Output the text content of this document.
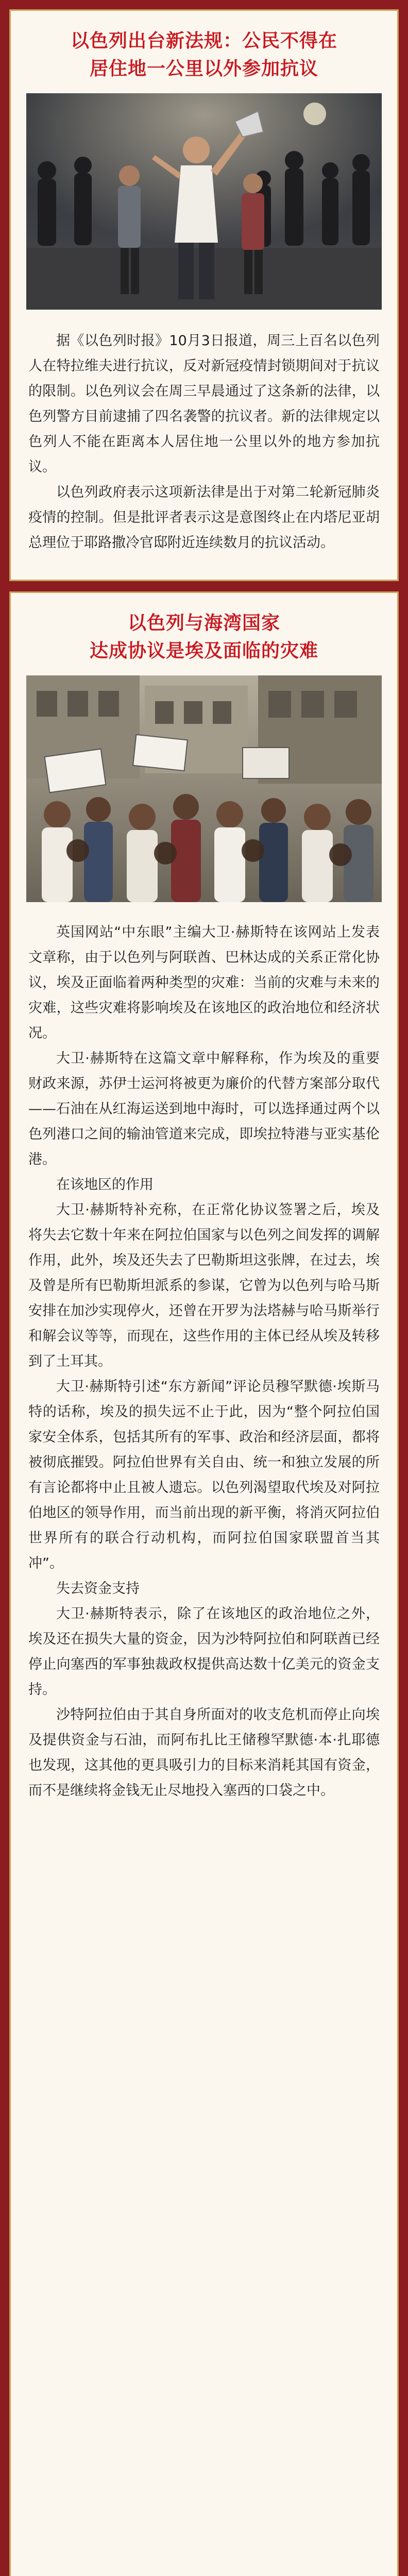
以色列出台新法规：公民不得在
居住地一公里以外参加抗议

据《以色列时报》10月3日报道，周三上百名以色列人在特拉维夫进行抗议，反对新冠疫情封锁期间对于抗议的限制。以色列议会在周三早晨通过了这条新的法律，以色列警方目前逮捕了四名袭警的抗议者。新的法律规定以色列人不能在距离本人居住地一公里以外的地方参加抗议。

以色列政府表示这项新法律是出于对第二轮新冠肺炎疫情的控制。但是批评者表示这是意图终止在内塔尼亚胡总理位于耶路撒冷官邸附近连续数月的抗议活动。

以色列与海湾国家
达成协议是埃及面临的灾难

英国网站“中东眼”主编大卫·赫斯特在该网站上发表文章称，由于以色列与阿联酋、巴林达成的关系正常化协议，埃及正面临着两种类型的灾难：当前的灾难与未来的灾难，这些灾难将影响埃及在该地区的政治地位和经济状况。

大卫·赫斯特在这篇文章中解释称，作为埃及的重要财政来源，苏伊士运河将被更为廉价的代替方案部分取代——石油在从红海运送到地中海时，可以选择通过两个以色列港口之间的输油管道来完成，即埃拉特港与亚实基伦港。

在该地区的作用

大卫·赫斯特补充称，在正常化协议签署之后，埃及将失去它数十年来在阿拉伯国家与以色列之间发挥的调解作用，此外，埃及还失去了巴勒斯坦这张牌，在过去，埃及曾是所有巴勒斯坦派系的参谋，它曾为以色列与哈马斯安排在加沙实现停火，还曾在开罗为法塔赫与哈马斯举行和解会议等等，而现在，这些作用的主体已经从埃及转移到了土耳其。

大卫·赫斯特引述“东方新闻”评论员穆罕默德·埃斯马特的话称，埃及的损失远不止于此，因为“整个阿拉伯国家安全体系，包括其所有的军事、政治和经济层面，都将被彻底摧毁。阿拉伯世界有关自由、统一和独立发展的所有言论都将中止且被人遗忘。以色列渴望取代埃及对阿拉伯地区的领导作用，而当前出现的新平衡，将消灭阿拉伯世界所有的联合行动机构，而阿拉伯国家联盟首当其冲”。

失去资金支持

大卫·赫斯特表示，除了在该地区的政治地位之外，埃及还在损失大量的资金，因为沙特阿拉伯和阿联酋已经停止向塞西的军事独裁政权提供高达数十亿美元的资金支持。

沙特阿拉伯由于其自身所面对的收支危机而停止向埃及提供资金与石油，而阿布扎比王储穆罕默德·本·扎耶德也发现，这其他的更具吸引力的目标来消耗其国有资金，而不是继续将金钱无止尽地投入塞西的口袋之中。
